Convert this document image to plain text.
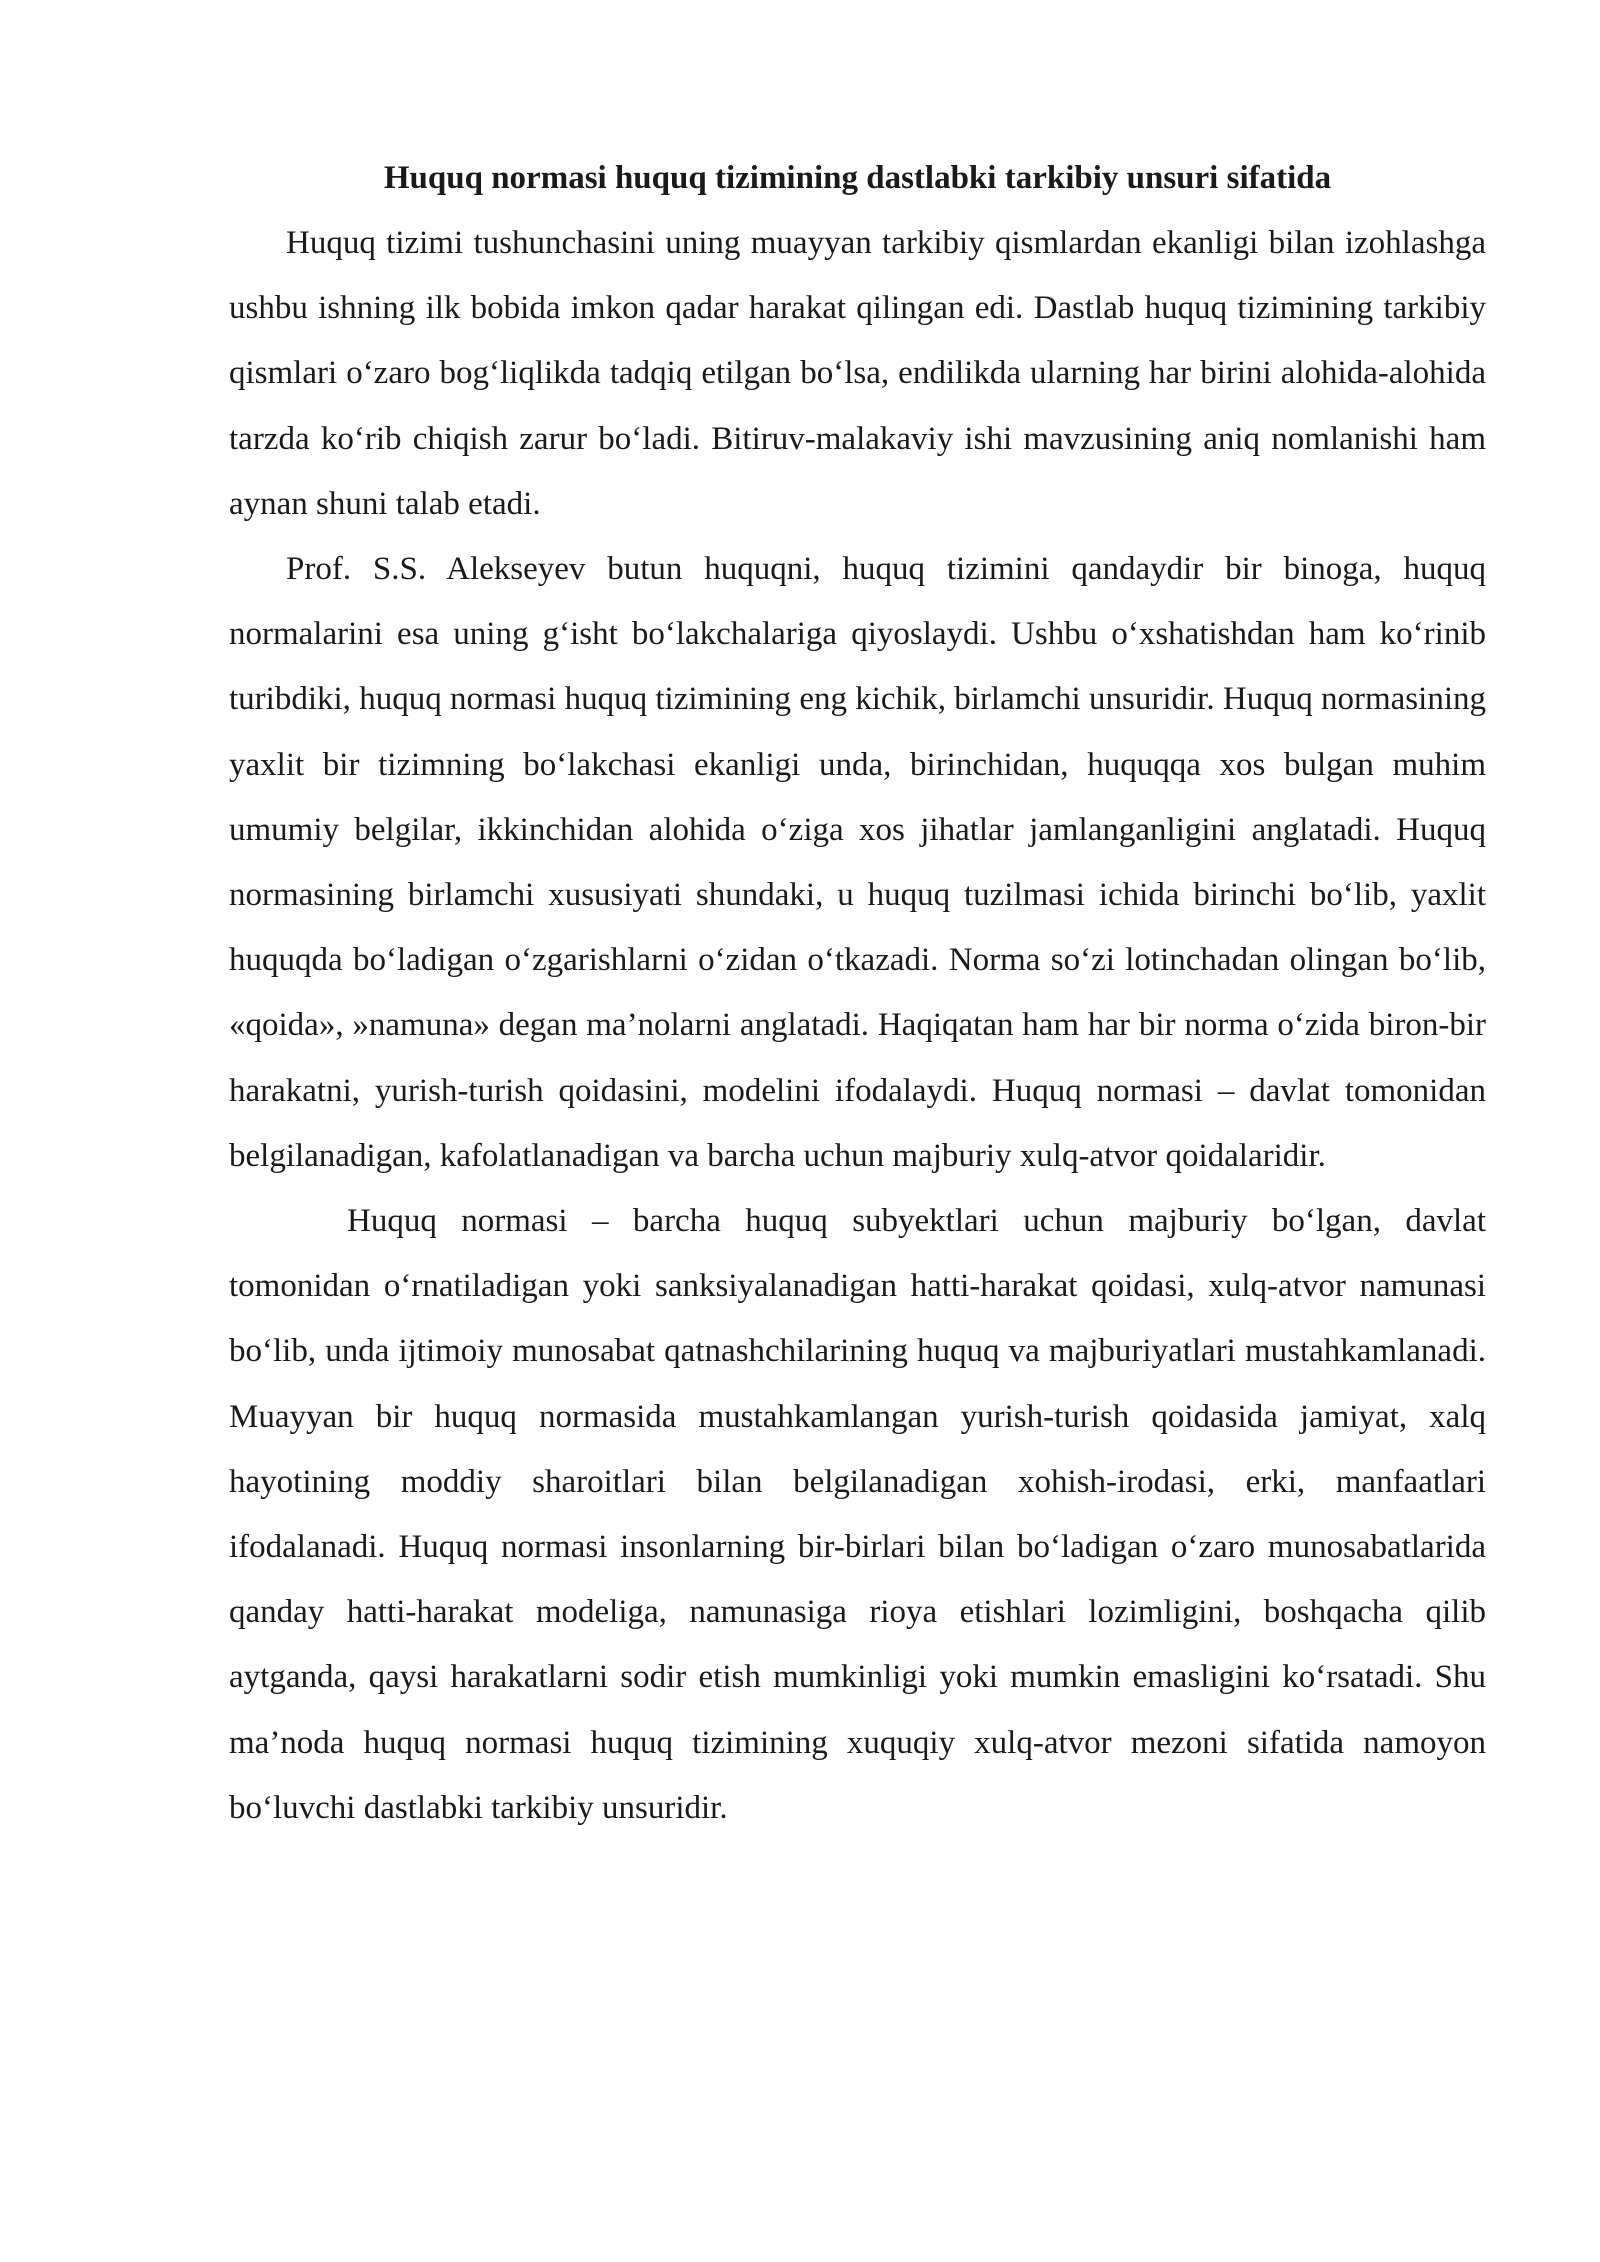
Huquq normasi huquq tizimining dastlabki tarkibiy unsuri sifatida

Huquq tizimi tushunchasini uning muayyan tarkibiy qismlardan ekanligi bilan izohlashga ushbu ishning ilk bobida imkon qadar harakat qilingan edi. Dastlab huquq tizimining tarkibiy qismlari o‘zaro bog‘liqlikda tadqiq etilgan bo‘lsa, endilikda ularning har birini alohida-alohida tarzda ko‘rib chiqish zarur bo‘ladi. Bitiruv-malakaviy ishi mavzusining aniq nomlanishi ham aynan shuni talab etadi.

Prof. S.S. Alekseyev butun huquqni, huquq tizimini qandaydir bir binoga, huquq normalarini esa uning g‘isht bo‘lakchalariga qiyoslaydi. Ushbu o‘xshatishdan ham ko‘rinib turibdiki, huquq normasi huquq tizimining eng kichik, birlamchi unsuridir. Huquq normasining yaxlit bir tizimning bo‘lakchasi ekanligi unda, birinchidan, huquqqa xos bulgan muhim umumiy belgilar, ikkinchidan alohida o‘ziga xos jihatlar jamlanganligini anglatadi. Huquq normasining birlamchi xususiyati shundaki, u huquq tuzilmasi ichida birinchi bo‘lib, yaxlit huquqda bo‘ladigan o‘zgarishlarni o‘zidan o‘tkazadi. Norma so‘zi lotinchadan olingan bo‘lib, «qoida», »namuna» degan ma’nolarni anglatadi. Haqiqatan ham har bir norma o‘zida biron-bir harakatni, yurish-turish qoidasini, modelini ifodalaydi. Huquq normasi – davlat tomonidan belgilanadigan, kafolatlanadigan va barcha uchun majburiy xulq-atvor qoidalaridir.

Huquq normasi – barcha huquq subyektlari uchun majburiy bo‘lgan, davlat tomonidan o‘rnatiladigan yoki sanksiyalanadigan hatti-harakat qoidasi, xulq-atvor namunasi bo‘lib, unda ijtimoiy munosabat qatnashchilarining huquq va majburiyatlari mustahkamlanadi. Muayyan bir huquq normasida mustahkamlangan yurish-turish qoidasida jamiyat, xalq hayotining moddiy sharoitlari bilan belgilanadigan xohish-irodasi, erki, manfaatlari ifodalanadi. Huquq normasi insonlarning bir-birlari bilan bo‘ladigan o‘zaro munosabatlarida qanday hatti-harakat modeliga, namunasiga rioya etishlari lozimligini, boshqacha qilib aytganda, qaysi harakatlarni sodir etish mumkinligi yoki mumkin emasligini ko‘rsatadi. Shu ma’noda huquq normasi huquq tizimining xuquqiy xulq-atvor mezoni sifatida namoyon bo‘luvchi dastlabki tarkibiy unsuridir.
